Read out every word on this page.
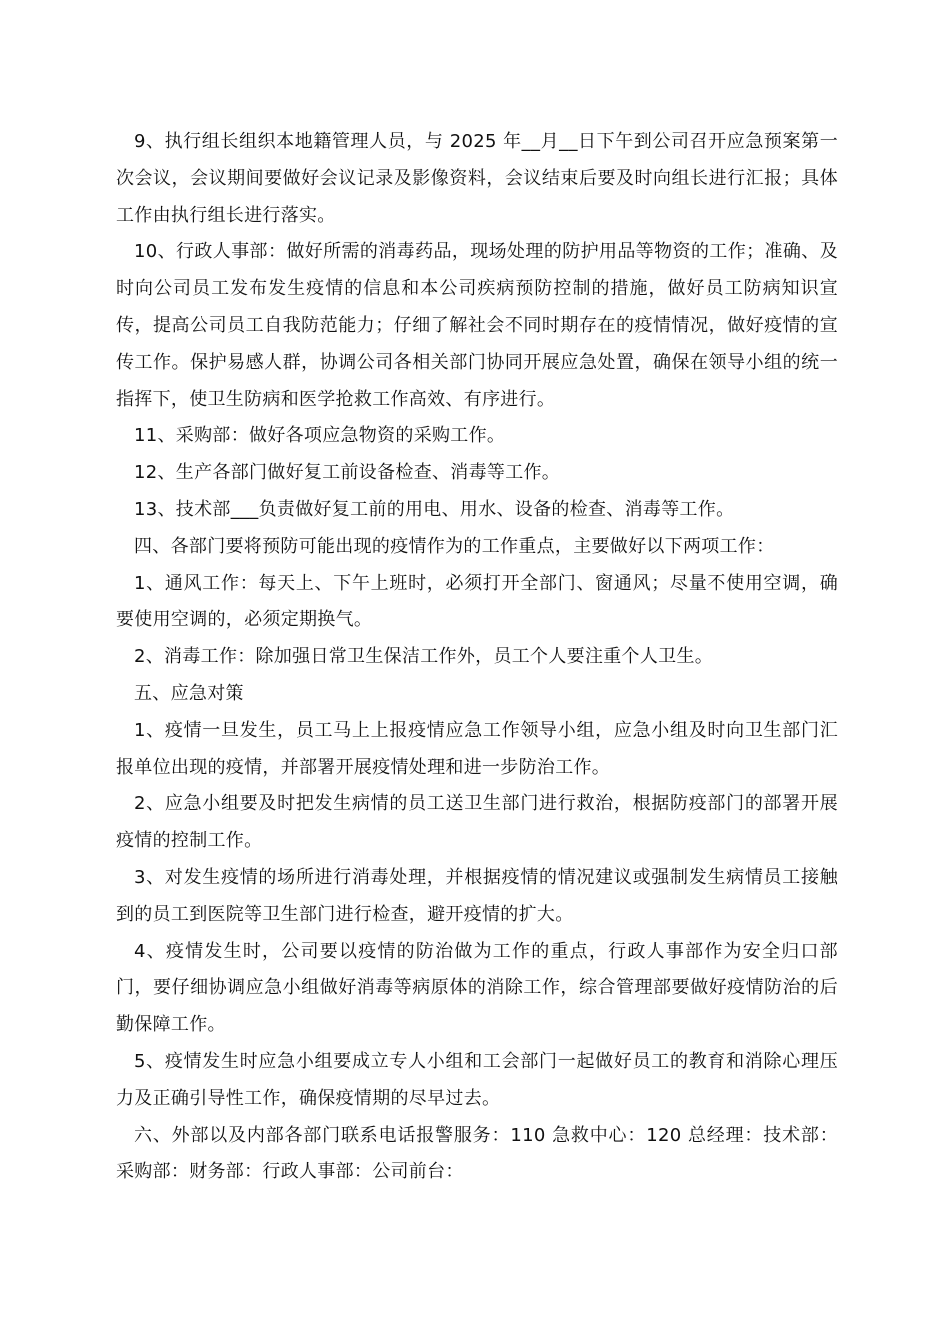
9、执行组长组织本地籍管理人员，与 2025 年__月__日下午到公司召开应急预案第一次会议，会议期间要做好会议记录及影像资料，会议结束后要及时向组长进行汇报；具体工作由执行组长进行落实。

10、行政人事部：做好所需的消毒药品，现场处理的防护用品等物资的工作；准确、及时向公司员工发布发生疫情的信息和本公司疾病预防控制的措施，做好员工防病知识宣传，提高公司员工自我防范能力；仔细了解社会不同时期存在的疫情情况，做好疫情的宣传工作。保护易感人群，协调公司各相关部门协同开展应急处置，确保在领导小组的统一指挥下，使卫生防病和医学抢救工作高效、有序进行。

11、采购部：做好各项应急物资的采购工作。

12、生产各部门做好复工前设备检查、消毒等工作。

13、技术部___负责做好复工前的用电、用水、设备的检查、消毒等工作。

四、各部门要将预防可能出现的疫情作为的工作重点，主要做好以下两项工作：

1、通风工作：每天上、下午上班时，必须打开全部门、窗通风；尽量不使用空调，确要使用空调的，必须定期换气。

2、消毒工作：除加强日常卫生保洁工作外，员工个人要注重个人卫生。

五、应急对策

1、疫情一旦发生，员工马上上报疫情应急工作领导小组，应急小组及时向卫生部门汇报单位出现的疫情，并部署开展疫情处理和进一步防治工作。

2、应急小组要及时把发生病情的员工送卫生部门进行救治，根据防疫部门的部署开展疫情的控制工作。

3、对发生疫情的场所进行消毒处理，并根据疫情的情况建议或强制发生病情员工接触到的员工到医院等卫生部门进行检查，避开疫情的扩大。

4、疫情发生时，公司要以疫情的防治做为工作的重点，行政人事部作为安全归口部门，要仔细协调应急小组做好消毒等病原体的消除工作，综合管理部要做好疫情防治的后勤保障工作。

5、疫情发生时应急小组要成立专人小组和工会部门一起做好员工的教育和消除心理压力及正确引导性工作，确保疫情期的尽早过去。

六、外部以及内部各部门联系电话报警服务：110 急救中心：120 总经理：技术部：采购部：财务部：行政人事部：公司前台：
